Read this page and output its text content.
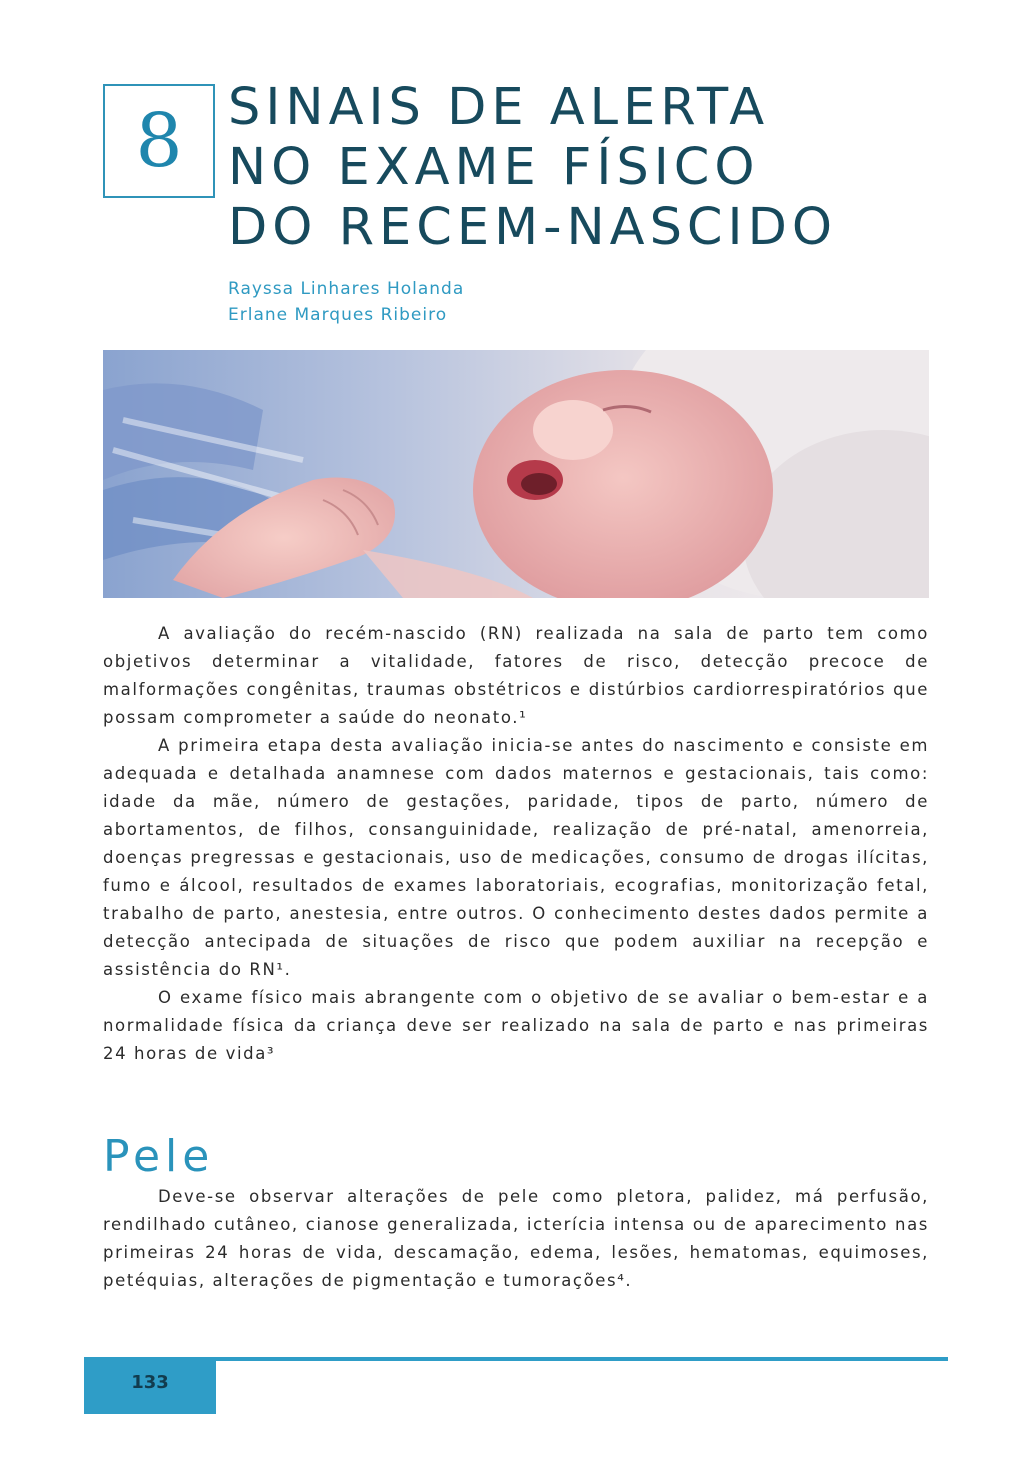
8 SINAIS DE ALERTA
NO EXAME FÍSICO
DO RECEM-NASCIDO
Rayssa Linhares Holanda
Erlane Marques Ribeiro

A avaliação do recém-nascido (RN) realizada na sala de parto tem como objetivos determinar a vitalidade, fatores de risco, detecção precoce de malformações congênitas, traumas obstétricos e distúrbios cardiorrespiratórios que possam comprometer a saúde do neonato.¹

A primeira etapa desta avaliação inicia-se antes do nascimento e consiste em adequada e detalhada anamnese com dados maternos e gestacionais, tais como: idade da mãe, número de gestações, paridade, tipos de parto, número de abortamentos, de filhos, consanguinidade, realização de pré-natal, amenorreia, doenças pregressas e gestacionais, uso de medicações, consumo de drogas ilícitas, fumo e álcool, resultados de exames laboratoriais, ecografias, monitorização fetal, trabalho de parto, anestesia, entre outros. O conhecimento destes dados permite a detecção antecipada de situações de risco que podem auxiliar na recepção e assistência do RN¹.

O exame físico mais abrangente com o objetivo de se avaliar o bem-estar e a normalidade física da criança deve ser realizado na sala de parto e nas primeiras 24 horas de vida³

Pele

Deve-se observar alterações de pele como pletora, palidez, má perfusão, rendilhado cutâneo, cianose generalizada, icterícia intensa ou de aparecimento nas primeiras 24 horas de vida, descamação, edema, lesões, hematomas, equimoses, petéquias, alterações de pigmentação e tumorações⁴.

133
